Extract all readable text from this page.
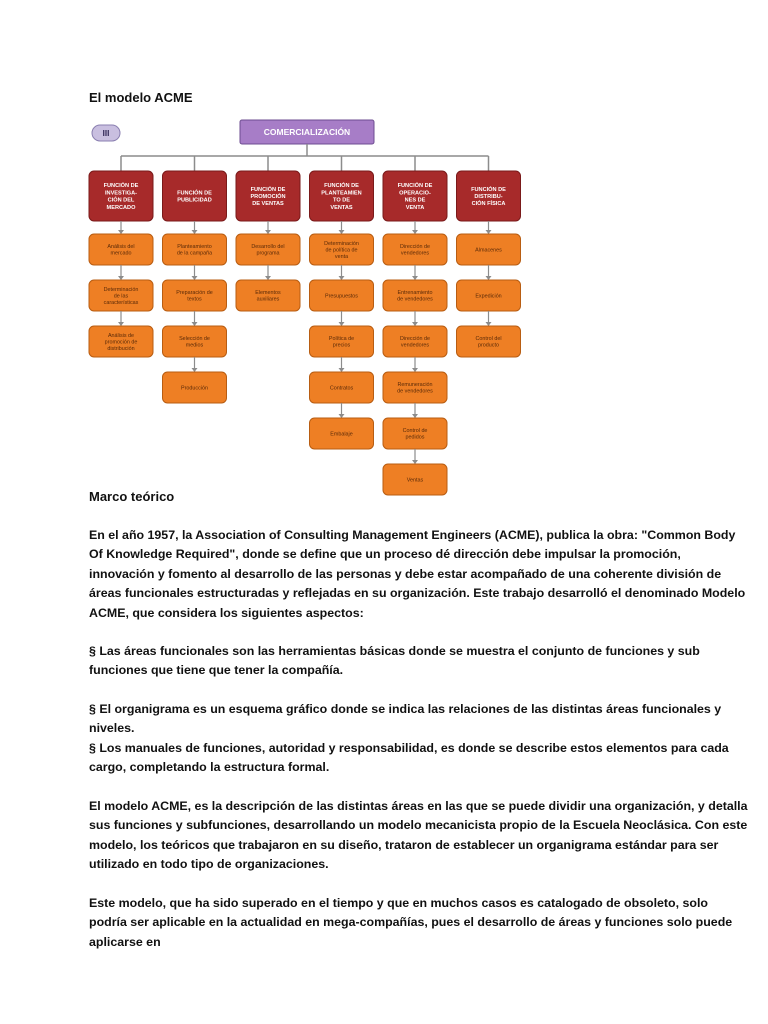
El modelo ACME
III	COMERCIALIZACIÓN
FUNCIÓN DE INVESTIGA-CIÓN DEL MERCADO
Análisis del mercado
Determinación de las características
Análisis de promoción de distribución
FUNCIÓN DE PUBLICIDAD
Planteamiento de la campaña
Preparación de textos
Selección de medios
Producción
FUNCIÓN DE PROMOCIÓN DE VENTAS
Desarrollo del programa
Elementos auxiliares
FUNCIÓN DE PLANTEAMIEN TO DE VENTAS
Determinación de política de venta
Presupuestos
Política de precios
Contratos
Embalaje
FUNCIÓN DE OPERACIO-NES DE VENTA
Dirección de vendedores
Entrenamiento de vendedores
Dirección de vendedores
Remuneración de vendedores
Control de pedidos
Ventas
FUNCIÓN DE DISTRIBU-CIÓN FÍSICA
Almacenes
Expedición
Control del producto
Marco teórico

En el año 1957, la Association of Consulting Management Engineers (ACME), publica la obra: "Common Body Of Knowledge Required", donde se define que un proceso dé dirección debe impulsar la promoción, innovación y fomento al desarrollo de las personas y debe estar acompañado de una coherente división de áreas funcionales estructuradas y reflejadas en su organización. Este trabajo desarrolló el denominado Modelo ACME, que considera los siguientes aspectos:

§ Las áreas funcionales son las herramientas básicas donde se muestra el conjunto de funciones y sub funciones que tiene que tener la compañía.

§ El organigrama es un esquema gráfico donde se indica las relaciones de las distintas áreas funcionales y niveles.

§ Los manuales de funciones, autoridad y responsabilidad, es donde se describe estos elementos para cada cargo, completando la estructura formal.

El modelo ACME, es la descripción de las distintas áreas en las que se puede dividir una organización, y detalla sus funciones y subfunciones, desarrollando un modelo mecanicista propio de la Escuela Neoclásica. Con este modelo, los teóricos que trabajaron en su diseño, trataron de establecer un organigrama estándar para ser utilizado en todo tipo de organizaciones.

Este modelo, que ha sido superado en el tiempo y que en muchos casos es catalogado de obsoleto, solo podría ser aplicable en la actualidad en mega-compañías, pues el desarrollo de áreas y funciones solo puede aplicarse en
